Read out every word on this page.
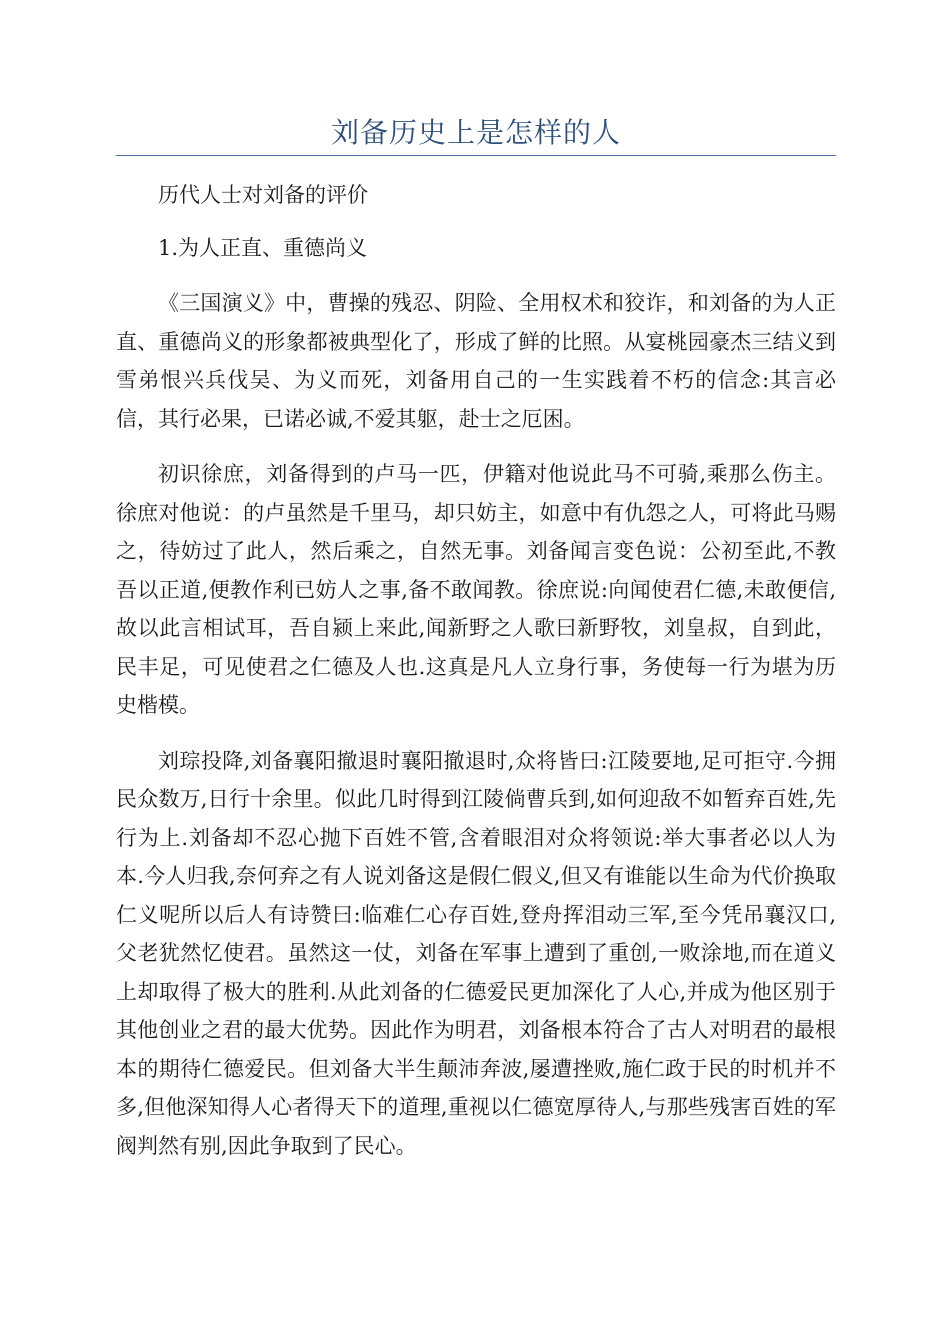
刘备历史上是怎样的人

历代人士对刘备的评价

1.为人正直、重德尚义

《三国演义》中，曹操的残忍、阴险、全用权术和狡诈，和刘备的为人正直、重德尚义的形象都被典型化了，形成了鲜的比照。从宴桃园豪杰三结义到雪弟恨兴兵伐吴、为义而死，刘备用自己的一生实践着不朽的信念:其言必信，其行必果，已诺必诚,不爱其躯，赴士之厄困。

初识徐庶，刘备得到的卢马一匹，伊籍对他说此马不可骑,乘那么伤主。徐庶对他说：的卢虽然是千里马，却只妨主，如意中有仇怨之人，可将此马赐之，待妨过了此人，然后乘之，自然无事。刘备闻言变色说：公初至此,不教吾以正道,便教作利已妨人之事,备不敢闻教。徐庶说:向闻使君仁德,未敢便信,故以此言相试耳，吾自颍上来此,闻新野之人歌曰新野牧，刘皇叔，自到此，民丰足，可见使君之仁德及人也.这真是凡人立身行事，务使每一行为堪为历史楷模。

刘琮投降,刘备襄阳撤退时襄阳撤退时,众将皆曰:江陵要地,足可拒守.今拥民众数万,日行十余里。似此几时得到江陵倘曹兵到,如何迎敌不如暂弃百姓,先行为上.刘备却不忍心抛下百姓不管,含着眼泪对众将领说:举大事者必以人为本.今人归我,奈何弃之有人说刘备这是假仁假义,但又有谁能以生命为代价换取仁义呢所以后人有诗赞曰:临难仁心存百姓,登舟挥泪动三军,至今凭吊襄汉口,父老犹然忆使君。虽然这一仗，刘备在军事上遭到了重创,一败涂地,而在道义上却取得了极大的胜利.从此刘备的仁德爱民更加深化了人心,并成为他区别于其他创业之君的最大优势。因此作为明君，刘备根本符合了古人对明君的最根本的期待仁德爱民。但刘备大半生颠沛奔波,屡遭挫败,施仁政于民的时机并不多,但他深知得人心者得天下的道理,重视以仁德宽厚待人,与那些残害百姓的军阀判然有别,因此争取到了民心。
